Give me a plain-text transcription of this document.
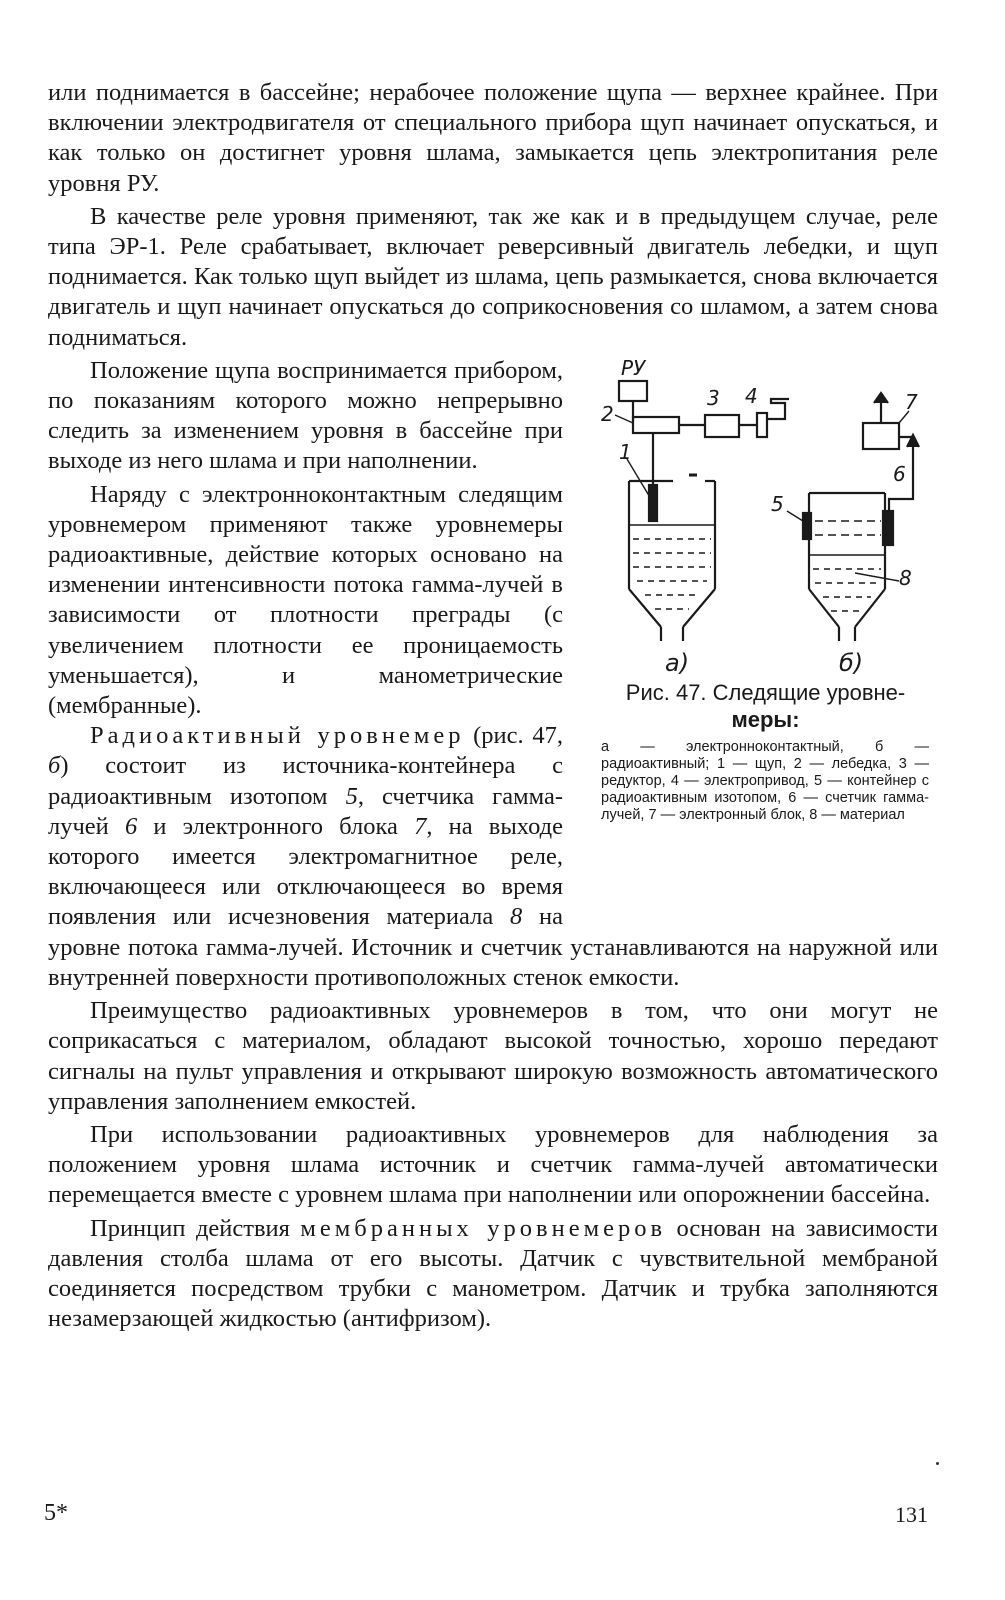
или поднимается в бассейне; нерабочее положение щупа — верхнее крайнее. При включении электродвигателя от специального прибора щуп начинает опускаться, и как только он достигнет уровня шлама, замыкается цепь электропитания реле уровня РУ.

В качестве реле уровня применяют, так же как и в предыдущем случае, реле типа ЭР-1. Реле срабатывает, включает реверсивный двигатель лебедки, и щуп поднимается. Как только щуп выйдет из шлама, цепь размыкается, снова включается двигатель и щуп начинает опускаться до соприкосновения со шламом, а затем снова подниматься.

РУ
2
1
3 4	7
5
6
8
а)	б)
Рис. 47. Следящие уровне-
меры:
а — электронноконтактный, б — радиоактивный; 1 — щуп, 2 — лебедка, 3 — редуктор, 4 — электропривод, 5 — контейнер с радиоактивным изотопом, 6 — счетчик гамма-лучей, 7 — электронный блок, 8 — материал

Положение щупа воспринимается прибором, по показаниям которого можно непрерывно следить за изменением уровня в бассейне при выходе из него шлама и при наполнении.

Наряду с электронноконтактным следящим уровнемером применяют также уровнемеры радиоактивные, действие которых основано на изменении интенсивности потока гамма-лучей в зависимости от плотности преграды (с увеличением плотности ее проницаемость уменьшается), и манометрические (мембранные).

Радиоактивный уровнемер (рис. 47, б) состоит из источника-контейнера с радиоактивным изотопом 5, счетчика гамма-лучей 6 и электронного блока 7, на выходе которого имеется электромагнитное реле, включающееся или отключающееся во время появления или исчезновения материала 8 на уровне потока гамма-лучей. Источник и счетчик устанавливаются на наружной или внутренней поверхности противоположных стенок емкости.

Преимущество радиоактивных уровнемеров в том, что они могут не соприкасаться с материалом, обладают высокой точностью, хорошо передают сигналы на пульт управления и открывают широкую возможность автоматического управления заполнением емкостей.

При использовании радиоактивных уровнемеров для наблюдения за положением уровня шлама источник и счетчик гамма-лучей автоматически перемещается вместе с уровнем шлама при наполнении или опорожнении бассейна.

Принцип действия мембранных уровнемеров основан на зависимости давления столба шлама от его высоты. Датчик с чувствительной мембраной соединяется посредством трубки с манометром. Датчик и трубка заполняются незамерзающей жидкостью (антифризом).

5*	131
